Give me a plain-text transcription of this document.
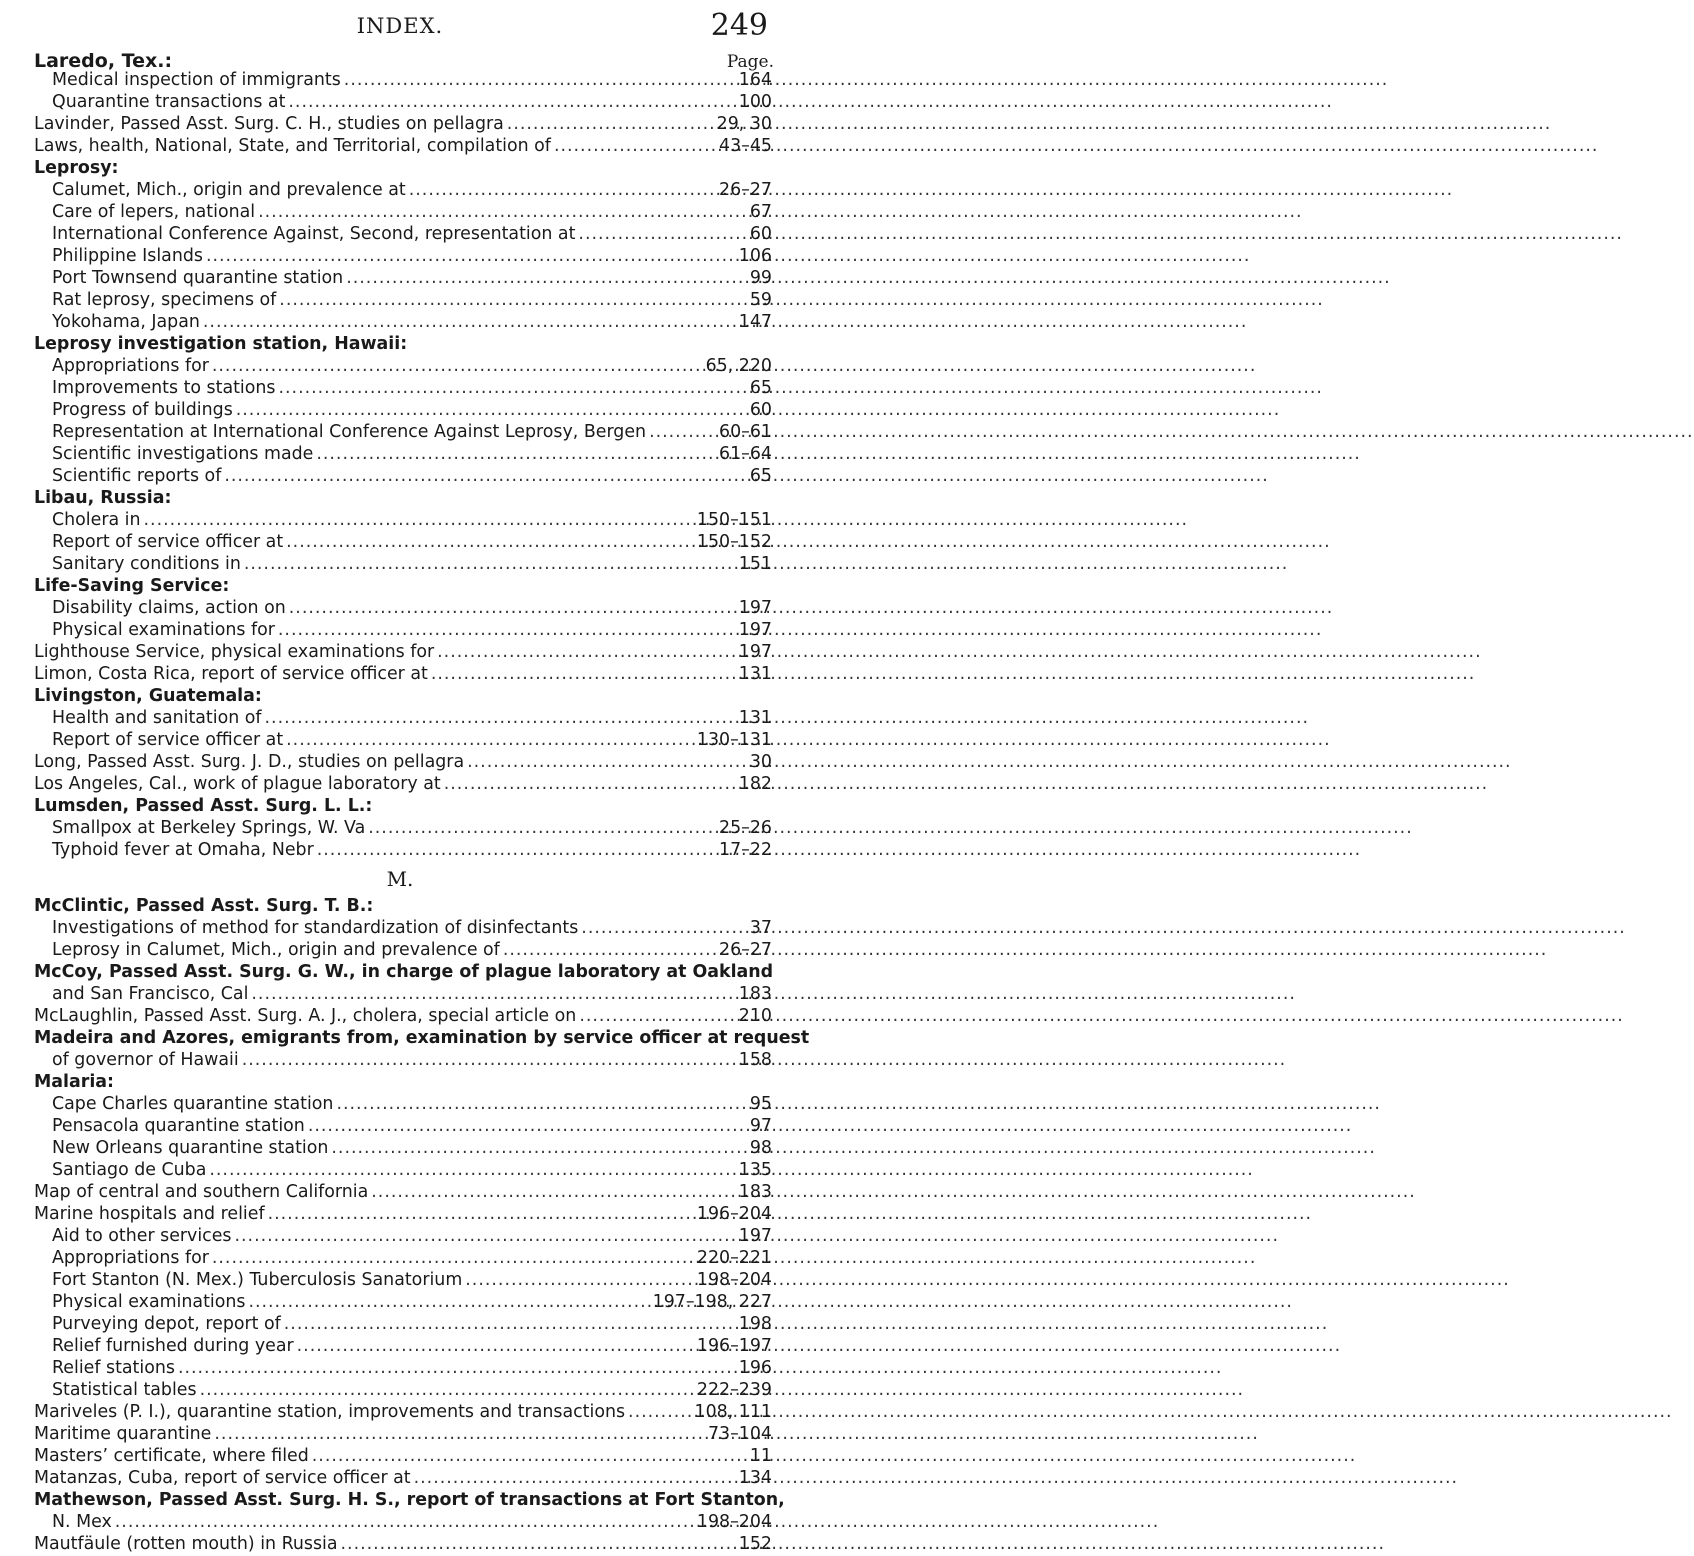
INDEX.	249
Laredo, Tex.:	Page.
Medical inspection of immigrants .....	164
Quarantine transactions at .....	100
Lavinder, Passed Asst. Surg. C. H., studies on pellagra .....	29, 30
Laws, health, National, State, and Territorial, compilation of .....	43–45
Leprosy:
Calumet, Mich., origin and prevalence at .....	26–27
Care of lepers, national .....	67
International Conference Against, Second, representation at .....	60
Philippine Islands .....	106
Port Townsend quarantine station .....	99
Rat leprosy, specimens of .....	59
Yokohama, Japan .....	147
Leprosy investigation station, Hawaii:
Appropriations for .....	65, 220
Improvements to stations .....	65
Progress of buildings .....	60
Representation at International Conference Against Leprosy, Bergen .....	60–61
Scientific investigations made .....	61–64
Scientific reports of .....	65
Libau, Russia:
Cholera in .....	150–151
Report of service officer at .....	150–152
Sanitary conditions in .....	151
Life-Saving Service:
Disability claims, action on .....	197
Physical examinations for .....	197
Lighthouse Service, physical examinations for .....	197
Limon, Costa Rica, report of service officer at .....	131
Livingston, Guatemala:
Health and sanitation of .....	131
Report of service officer at .....	130–131
Long, Passed Asst. Surg. J. D., studies on pellagra .....	30
Los Angeles, Cal., work of plague laboratory at .....	182
Lumsden, Passed Asst. Surg. L. L.:
Smallpox at Berkeley Springs, W. Va .....	25–26
Typhoid fever at Omaha, Nebr .....	17–22
M.
McClintic, Passed Asst. Surg. T. B.:
Investigations of method for standardization of disinfectants .....	37
Leprosy in Calumet, Mich., origin and prevalence of .....	26–27
McCoy, Passed Asst. Surg. G. W., in charge of plague laboratory at Oakland
and San Francisco, Cal .....	183
McLaughlin, Passed Asst. Surg. A. J., cholera, special article on .....	210
Madeira and Azores, emigrants from, examination by service officer at request
of governor of Hawaii .....	158
Malaria:
Cape Charles quarantine station .....	95
Pensacola quarantine station .....	97
New Orleans quarantine station .....	98
Santiago de Cuba .....	135
Map of central and southern California .....	183
Marine hospitals and relief .....	196–204
Aid to other services .....	197
Appropriations for .....	220–221
Fort Stanton (N. Mex.) Tuberculosis Sanatorium .....	198–204
Physical examinations .....	197–198, 227
Purveying depot, report of .....	198
Relief furnished during year .....	196–197
Relief stations .....	196
Statistical tables .....	222–239
Mariveles (P. I.), quarantine station, improvements and transactions .....	108, 111
Maritime quarantine .....	73–104
Masters’ certificate, where filed .....	11
Matanzas, Cuba, report of service officer at .....	134
Mathewson, Passed Asst. Surg. H. S., report of transactions at Fort Stanton,
N. Mex .....	198–204
Mautfäule (rotten mouth) in Russia .....	152
